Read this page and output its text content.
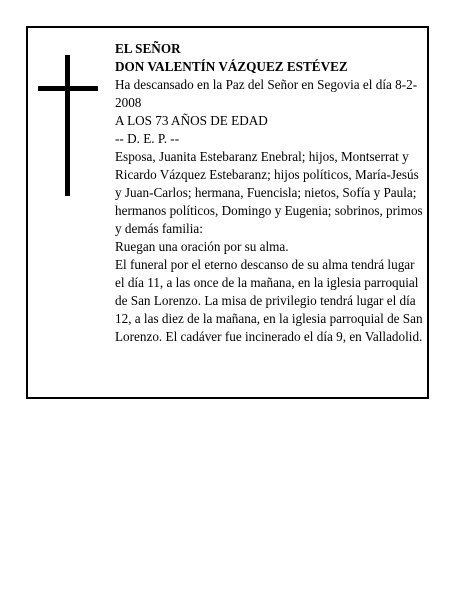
EL SEÑOR

DON VALENTÍN VÁZQUEZ ESTÉVEZ

Ha descansado en la Paz del Señor en Segovia el día 8-2-2008

A LOS 73 AÑOS DE EDAD

-- D. E. P. --

Esposa, Juanita Estebaranz Enebral; hijos, Montserrat y Ricardo Vázquez Estebaranz; hijos políticos, María-Jesús y Juan-Carlos; hermana, Fuencisla; nietos, Sofía y Paula; hermanos políticos, Domingo y Eugenia; sobrinos, primos y demás familia:

Ruegan una oración por su alma.

El funeral por el eterno descanso de su alma tendrá lugar el día 11, a las once de la mañana, en la iglesia parroquial de San Lorenzo. La misa de privilegio tendrá lugar el día 12, a las diez de la mañana, en la iglesia parroquial de San Lorenzo. El cadáver fue incinerado el día 9, en Valladolid.
